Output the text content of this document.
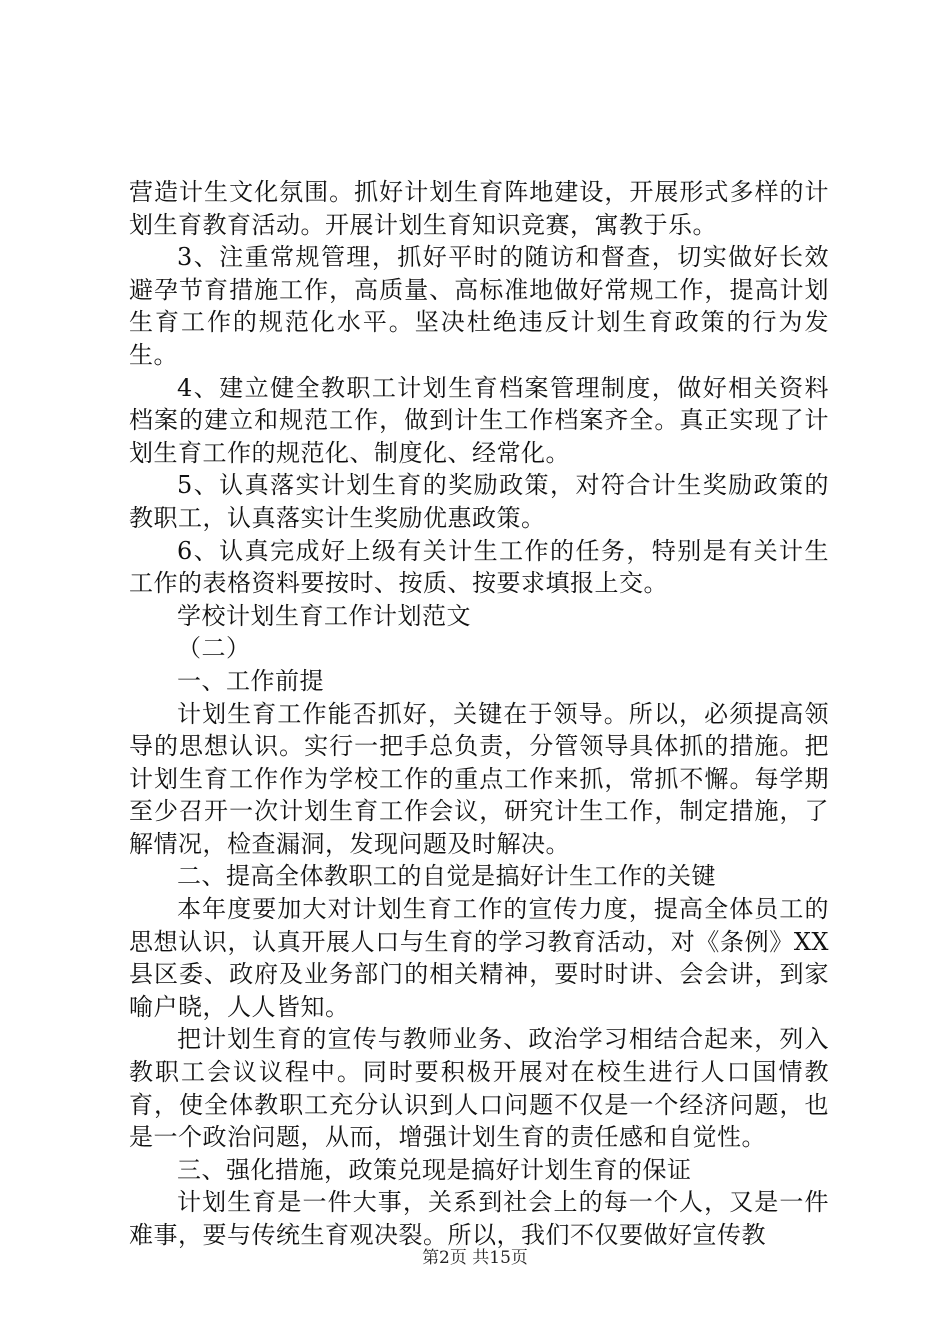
营造计生文化氛围。抓好计划生育阵地建设，开展形式多样的计划生育教育活动。开展计划生育知识竞赛，寓教于乐。

3、注重常规管理，抓好平时的随访和督查，切实做好长效避孕节育措施工作，高质量、高标准地做好常规工作，提高计划生育工作的规范化水平。坚决杜绝违反计划生育政策的行为发生。

4、建立健全教职工计划生育档案管理制度，做好相关资料档案的建立和规范工作，做到计生工作档案齐全。真正实现了计划生育工作的规范化、制度化、经常化。

5、认真落实计划生育的奖励政策，对符合计生奖励政策的教职工，认真落实计生奖励优惠政策。

6、认真完成好上级有关计生工作的任务，特别是有关计生工作的表格资料要按时、按质、按要求填报上交。

学校计划生育工作计划范文

（二）

一、工作前提

计划生育工作能否抓好，关键在于领导。所以，必须提高领导的思想认识。实行一把手总负责，分管领导具体抓的措施。把计划生育工作作为学校工作的重点工作来抓，常抓不懈。每学期至少召开一次计划生育工作会议，研究计生工作，制定措施，了解情况，检查漏洞，发现问题及时解决。

二、提高全体教职工的自觉是搞好计生工作的关键

本年度要加大对计划生育工作的宣传力度，提高全体员工的思想认识，认真开展人口与生育的学习教育活动，对《条例》XX县区委、政府及业务部门的相关精神，要时时讲、会会讲，到家喻户晓，人人皆知。

把计划生育的宣传与教师业务、政治学习相结合起来，列入教职工会议议程中。同时要积极开展对在校生进行人口国情教育，使全体教职工充分认识到人口问题不仅是一个经济问题，也是一个政治问题，从而，增强计划生育的责任感和自觉性。

三、强化措施，政策兑现是搞好计划生育的保证

计划生育是一件大事，关系到社会上的每一个人，又是一件难事，要与传统生育观决裂。所以，我们不仅要做好宣传教

第2页 共15页
